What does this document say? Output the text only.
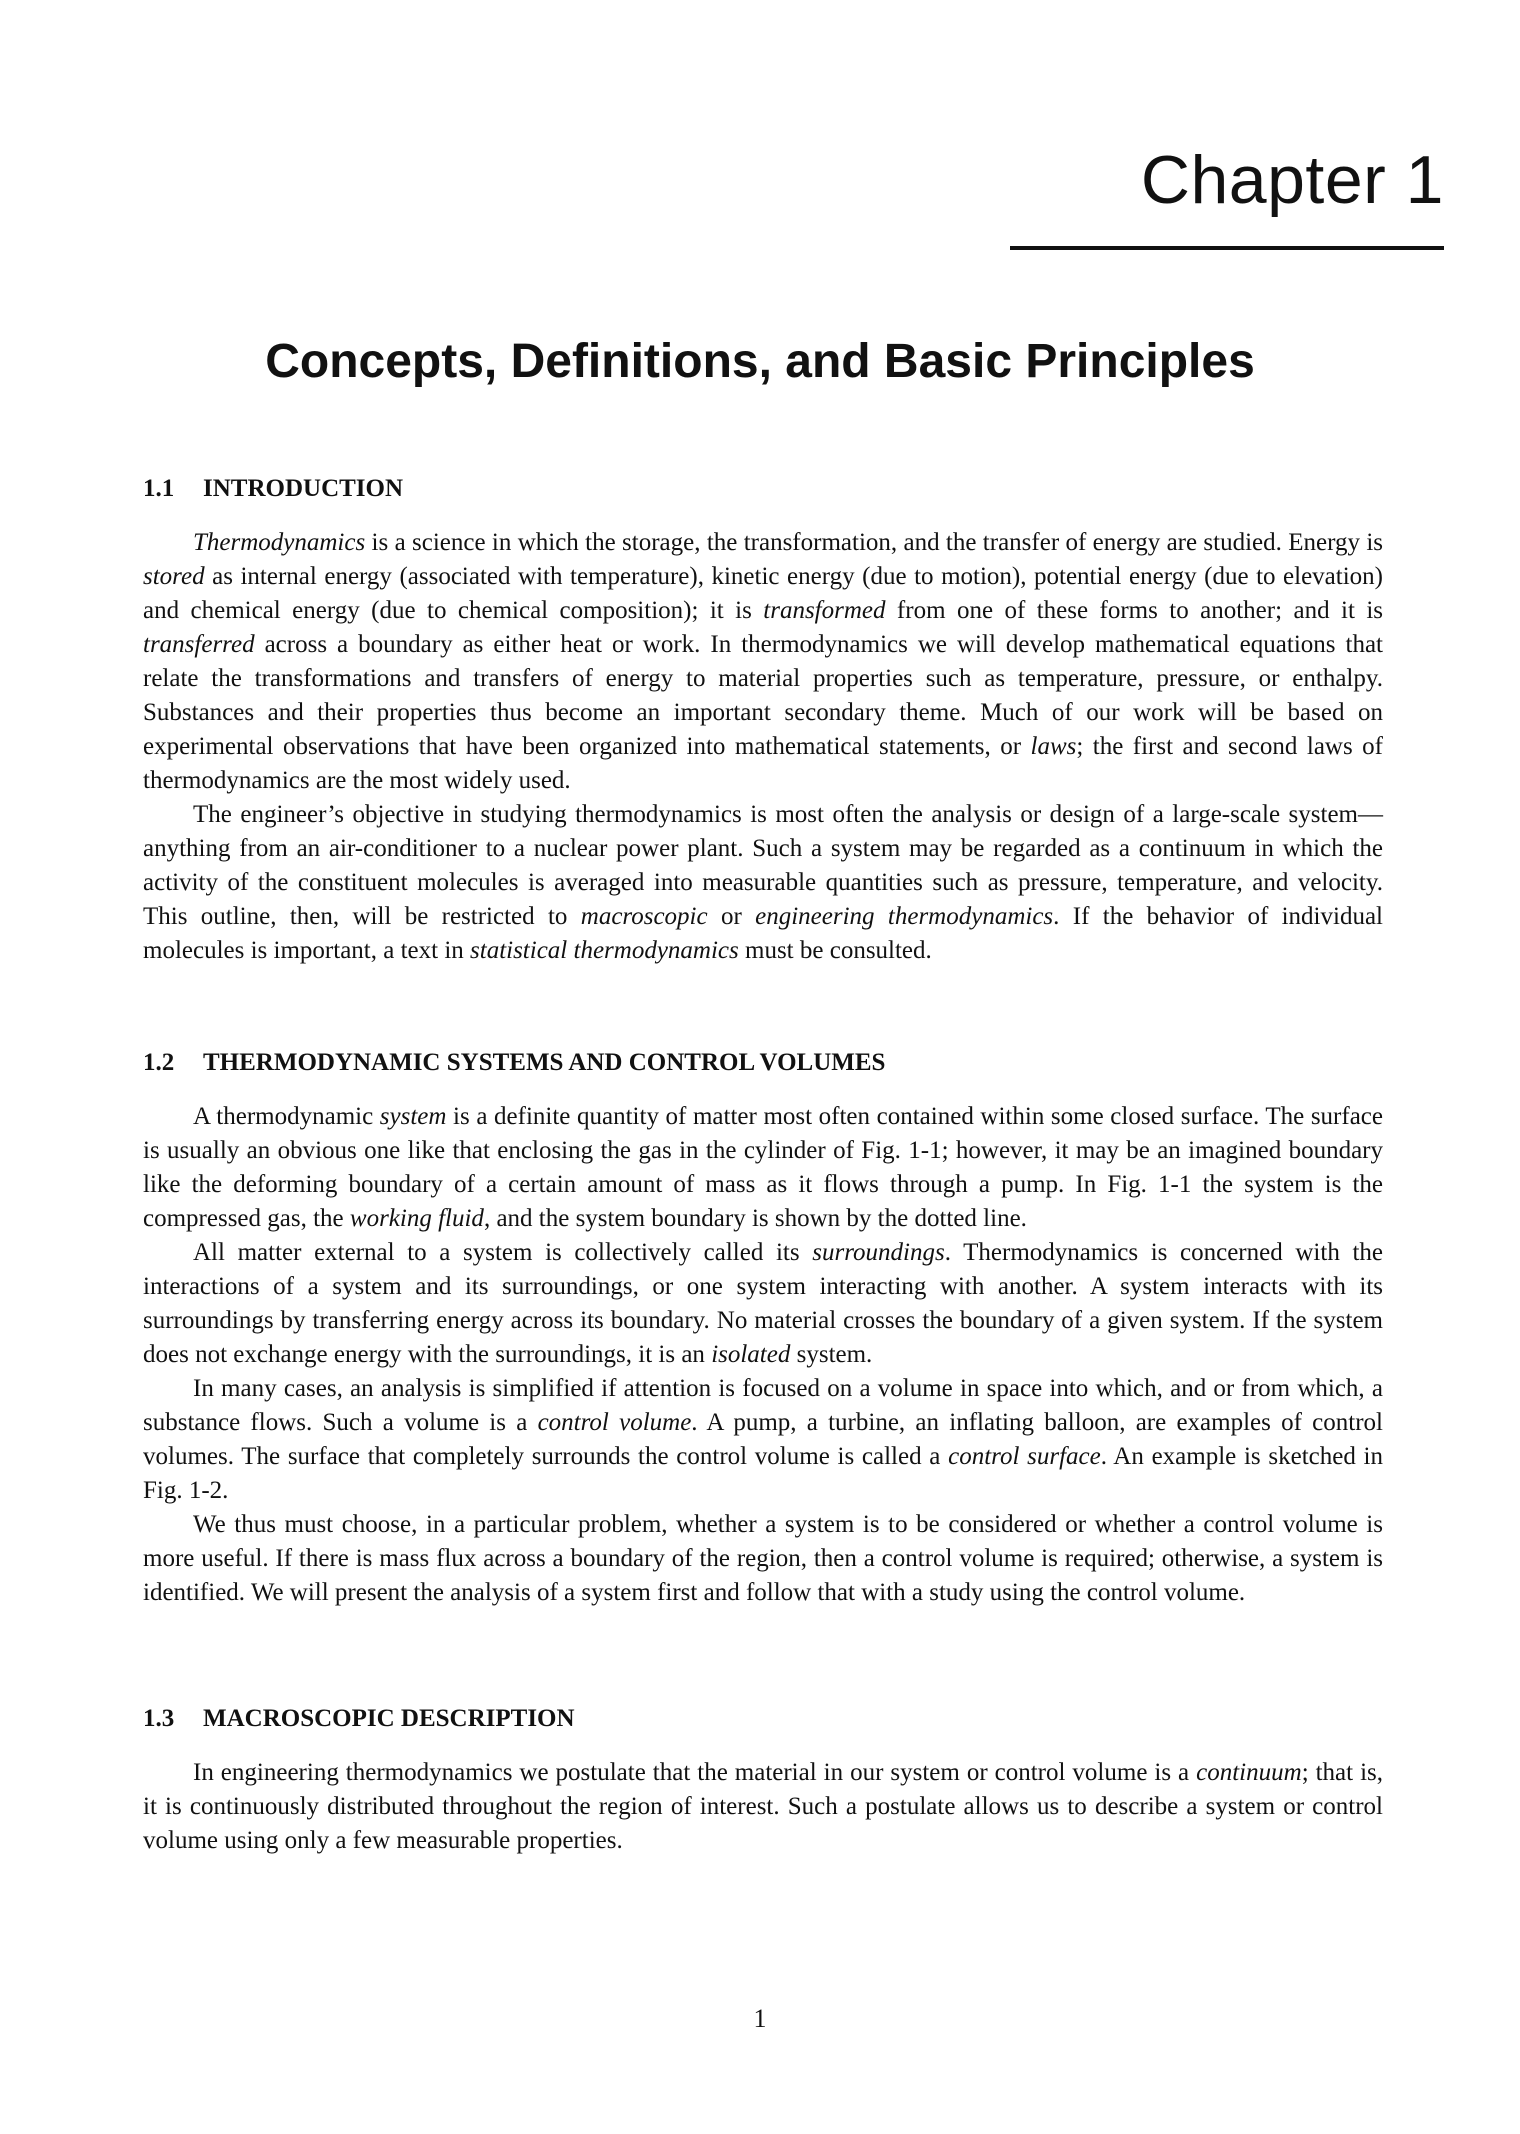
Chapter 1
Concepts, Definitions, and Basic Principles
1.1 INTRODUCTION

Thermodynamics is a science in which the storage, the transformation, and the transfer of energy are studied. Energy is stored as internal energy (associated with temperature), kinetic energy (due to motion), potential energy (due to elevation) and chemical energy (due to chemical composition); it is transformed from one of these forms to another; and it is transferred across a boundary as either heat or work. In thermodynamics we will develop mathematical equations that relate the transformations and transfers of energy to material properties such as temperature, pressure, or enthalpy. Substances and their properties thus become an important secondary theme. Much of our work will be based on experimental observations that have been organized into mathematical statements, or laws; the first and second laws of thermodynamics are the most widely used.

The engineer’s objective in studying thermodynamics is most often the analysis or design of a large-scale system—anything from an air-conditioner to a nuclear power plant. Such a system may be regarded as a continuum in which the activity of the constituent molecules is averaged into measurable quantities such as pressure, temperature, and velocity. This outline, then, will be restricted to macroscopic or engineering thermodynamics. If the behavior of individual molecules is important, a text in statistical thermodynamics must be consulted.

1.2 THERMODYNAMIC SYSTEMS AND CONTROL VOLUMES

A thermodynamic system is a definite quantity of matter most often contained within some closed surface. The surface is usually an obvious one like that enclosing the gas in the cylinder of Fig. 1-1; however, it may be an imagined boundary like the deforming boundary of a certain amount of mass as it flows through a pump. In Fig. 1-1 the system is the compressed gas, the working fluid, and the system boundary is shown by the dotted line.

All matter external to a system is collectively called its surroundings. Thermodynamics is concerned with the interactions of a system and its surroundings, or one system interacting with another. A system interacts with its surroundings by transferring energy across its boundary. No material crosses the boundary of a given system. If the system does not exchange energy with the surroundings, it is an isolated system.

In many cases, an analysis is simplified if attention is focused on a volume in space into which, and or from which, a substance flows. Such a volume is a control volume. A pump, a turbine, an inflating balloon, are examples of control volumes. The surface that completely surrounds the control volume is called a control surface. An example is sketched in Fig. 1-2.

We thus must choose, in a particular problem, whether a system is to be considered or whether a control volume is more useful. If there is mass flux across a boundary of the region, then a control volume is required; otherwise, a system is identified. We will present the analysis of a system first and follow that with a study using the control volume.

1.3 MACROSCOPIC DESCRIPTION

In engineering thermodynamics we postulate that the material in our system or control volume is a continuum; that is, it is continuously distributed throughout the region of interest. Such a postulate allows us to describe a system or control volume using only a few measurable properties.

1
